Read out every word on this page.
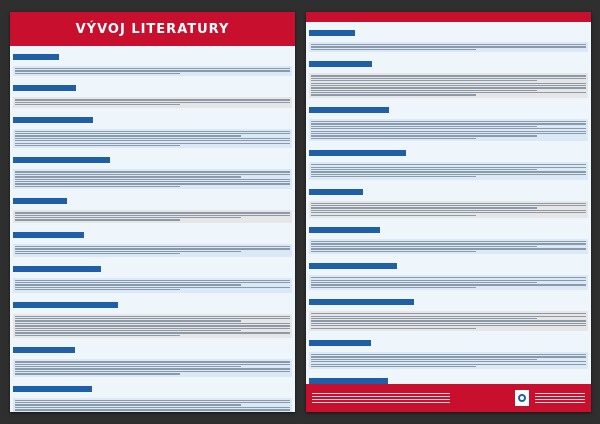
VÝVOJ LITERATURY
